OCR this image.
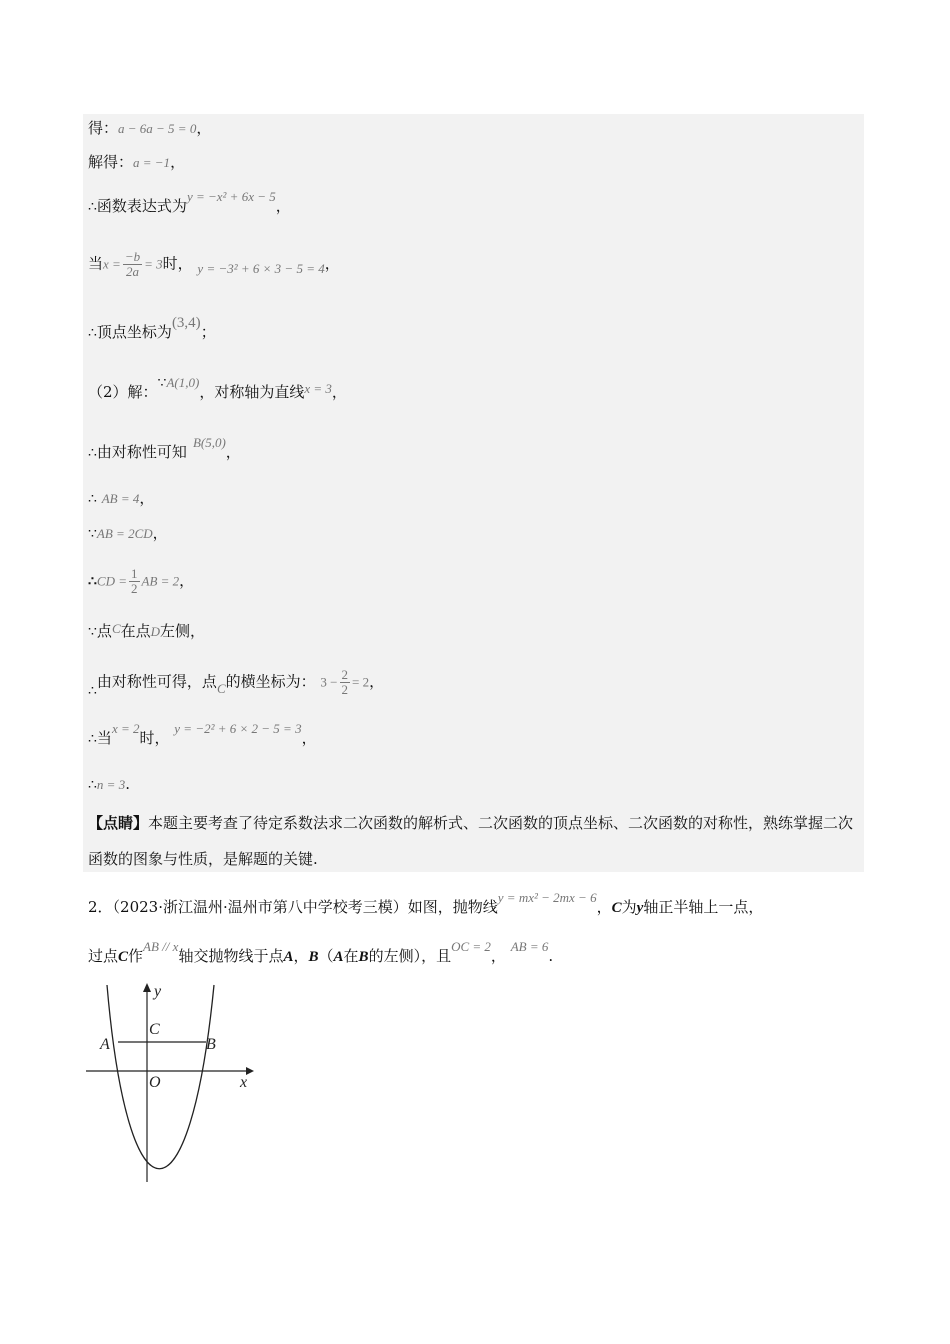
得：a − 6a − 5 = 0，
解得：a = −1，
∴函数表达式为y = −x² + 6x − 5，
当$x = \frac{-b}{2a} = 3$时， y = −3² + 6 × 3 − 5 = 4，
∴顶点坐标为(3,4)；
（2）解：∵A(1,0)，对称轴为直线x = 3，
∴由对称性可知B(5,0)，
∴ AB = 4，
∵AB = 2CD，
∴CD = $\frac{1}{2}$ AB = 2，
∵点C在点D左侧，
∴由对称性可得，点C的横坐标为： $3 - \frac{2}{2} = 2$，
∴当x = 2时， y = −2² + 6 × 2 − 5 = 3，
∴n = 3.
【点睛】本题主要考查了待定系数法求二次函数的解析式、二次函数的顶点坐标、二次函数的对称性，熟练掌握二次函数的图象与性质，是解题的关键.
2．（2023·浙江温州·温州市第八中学校考三模）如图，抛物线y = mx² − 2mx − 6，C为y轴正半轴上一点，
过点C作AB // x轴交抛物线于点A，B（A在B的左侧），且OC = 2， AB = 6.
y
x
A	B
C
O
